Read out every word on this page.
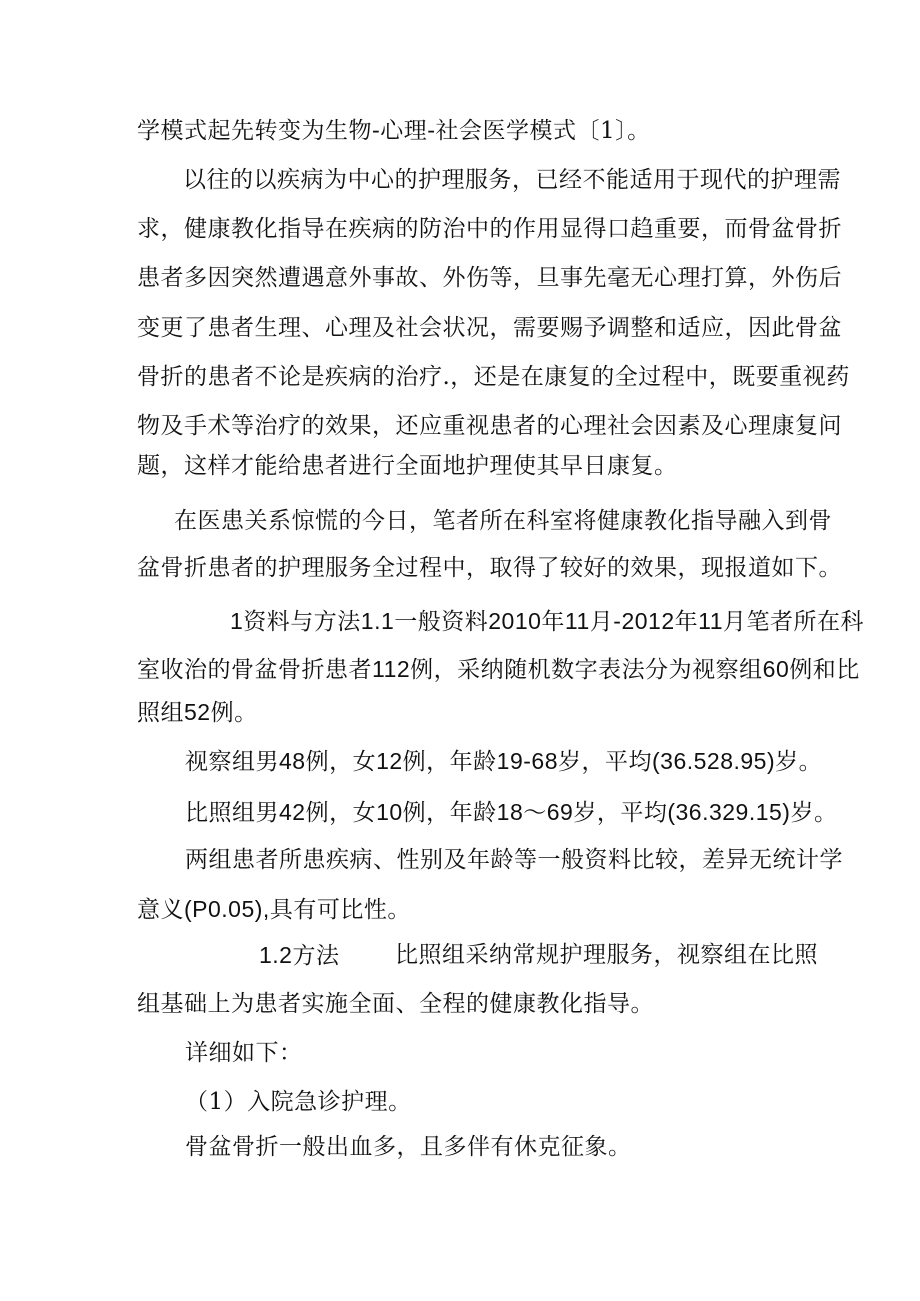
学模式起先转变为生物-心理-社会医学模式〔1〕。
以往的以疾病为中心的护理服务，已经不能适用于现代的护理需
求，健康教化指导在疾病的防治中的作用显得口趋重要，而骨盆骨折
患者多因突然遭遇意外事故、外伤等，旦事先毫无心理打算，外伤后
变更了患者生理、心理及社会状况，需要赐予调整和适应，因此骨盆
骨折的患者不论是疾病的治疗.，还是在康复的全过程中，既要重视药
物及手术等治疗的效果，还应重视患者的心理社会因素及心理康复问
题，这样才能给患者进行全面地护理使其早日康复。
在医患关系惊慌的今日，笔者所在科室将健康教化指导融入到骨
盆骨折患者的护理服务全过程中，取得了较好的效果，现报道如下。
1资料与方法1.1一般资料2010年11月-2012年11月笔者所在科
室收治的骨盆骨折患者112例，采纳随机数字表法分为视察组60例和比
照组52例。
视察组男48例，女12例，年龄19-68岁，平均(36.528.95)岁。
比照组男42例，女10例，年龄18～69岁，平均(36.329.15)岁。
两组患者所患疾病、性别及年龄等一般资料比较，差异无统计学
意义(P0.05),具有可比性。
1.2方法 比照组采纳常规护理服务，视察组在比照
组基础上为患者实施全面、全程的健康教化指导。
详细如下：
（1）入院急诊护理。
骨盆骨折一般出血多，且多伴有休克征象。
